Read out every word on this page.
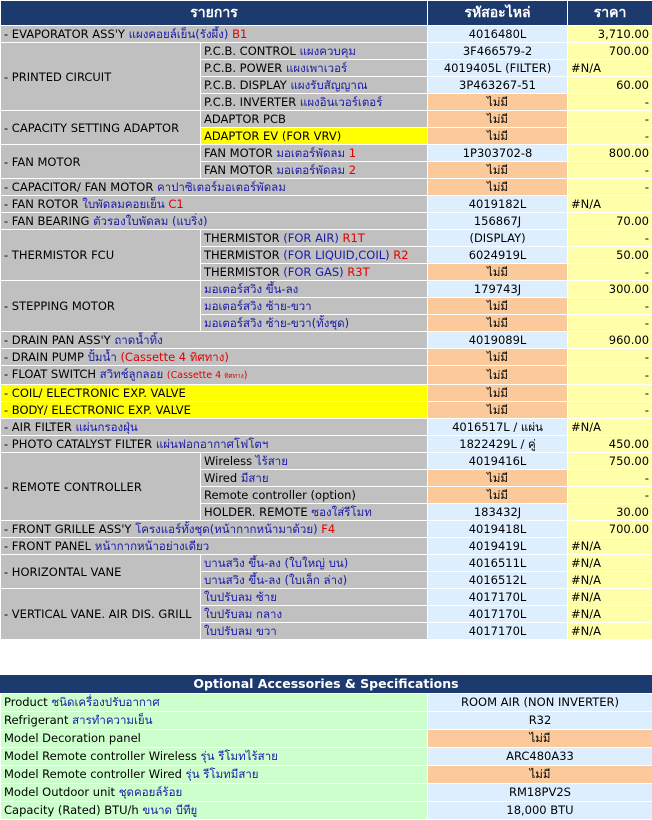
รายการ		รหัสอะไหล่	ราคา
- EVAPORATOR ASS'Y แผงคอยล์เย็น(รังผึ้ง) B1		4016480L	3,710.00
- PRINTED CIRCUIT	P.C.B. CONTROL แผงควบคุม	3F466579-2	700.00
	P.C.B. POWER แผงเพาเวอร์	4019405L (FILTER)	#N/A
	P.C.B. DISPLAY แผงรับสัญญาณ	3P463267-51	60.00
	P.C.B. INVERTER แผงอินเวอร์เตอร์	ไม่มี	-
- CAPACITY SETTING ADAPTOR	ADAPTOR PCB	ไม่มี	-
	ADAPTOR EV (FOR VRV)	ไม่มี	-
- FAN MOTOR	FAN MOTOR มอเตอร์พัดลม 1	1P303702-8	800.00
	FAN MOTOR มอเตอร์พัดลม 2	ไม่มี	-
- CAPACITOR/ FAN MOTOR คาปาซิเตอร์มอเตอร์พัดลม		ไม่มี	-
- FAN ROTOR ใบพัดลมคอยเย็น C1		4019182L	#N/A
- FAN BEARING ตัวรองใบพัดลม (แบริ่ง)		156867J	70.00
- THERMISTOR FCU	THERMISTOR (FOR AIR) R1T	(DISPLAY)	-
	THERMISTOR (FOR LIQUID,COIL) R2	6024919L	50.00
	THERMISTOR (FOR GAS) R3T	ไม่มี	-
- STEPPING MOTOR	มอเตอร์สวิง ขึ้น-ลง	179743J	300.00
	มอเตอร์สวิง ซ้าย-ขวา	ไม่มี	-
	มอเตอร์สวิง ซ้าย-ขวา(ทั้งชุด)	ไม่มี	-
- DRAIN PAN ASS'Y ถาดน้ำทิ้ง		4019089L	960.00
- DRAIN PUMP ปั้มน้ำ (Cassette 4 ทิศทาง)		ไม่มี	-
- FLOAT SWITCH สวิทช์ลูกลอย (Cassette 4 ทิศทาง)		ไม่มี	-
- COIL/ ELECTRONIC EXP. VALVE		ไม่มี	-
- BODY/ ELECTRONIC EXP. VALVE		ไม่มี	-
- AIR FILTER แผ่นกรองฝุ่น		4016517L / แผ่น	#N/A
- PHOTO CATALYST FILTER แผ่นฟอกอากาศโฟโตฯ		1822429L / คู่	450.00
- REMOTE CONTROLLER	Wireless ไร้สาย	4019416L	750.00
	Wired มีสาย	ไม่มี	-
	Remote controller (option)	ไม่มี	-
	HOLDER. REMOTE ซองใส่รีโมท	183432J	30.00
- FRONT GRILLE ASS'Y โครงแอร์ทั้งชุด(หน้ากากหน้ามาด้วย) F4		4019418L	700.00
- FRONT PANEL หน้ากากหน้าอย่างเดียว		4019419L	#N/A
- HORIZONTAL VANE	บานสวิง ขึ้น-ลง (ใบใหญ่ บน)	4016511L	#N/A
	บานสวิง ขึ้น-ลง (ใบเล็ก ล่าง)	4016512L	#N/A
- VERTICAL VANE. AIR DIS. GRILL	ใบปรับลม ซ้าย	4017170L	#N/A
	ใบปรับลม กลาง	4017170L	#N/A
	ใบปรับลม ขวา	4017170L	#N/A
Optional Accessories & Specifications
Product ชนิดเครื่องปรับอากาศ	ROOM AIR (NON INVERTER)
Refrigerant สารทำความเย็น	R32
Model Decoration panel	ไม่มี
Model Remote controller Wireless รุ่น รีโมทไร้สาย	ARC480A33
Model Remote controller Wired รุ่น รีโมทมีสาย	ไม่มี
Model Outdoor unit ชุดคอยล์ร้อย	RM18PV2S
Capacity (Rated) BTU/h ขนาด บีทียู	18,000 BTU
